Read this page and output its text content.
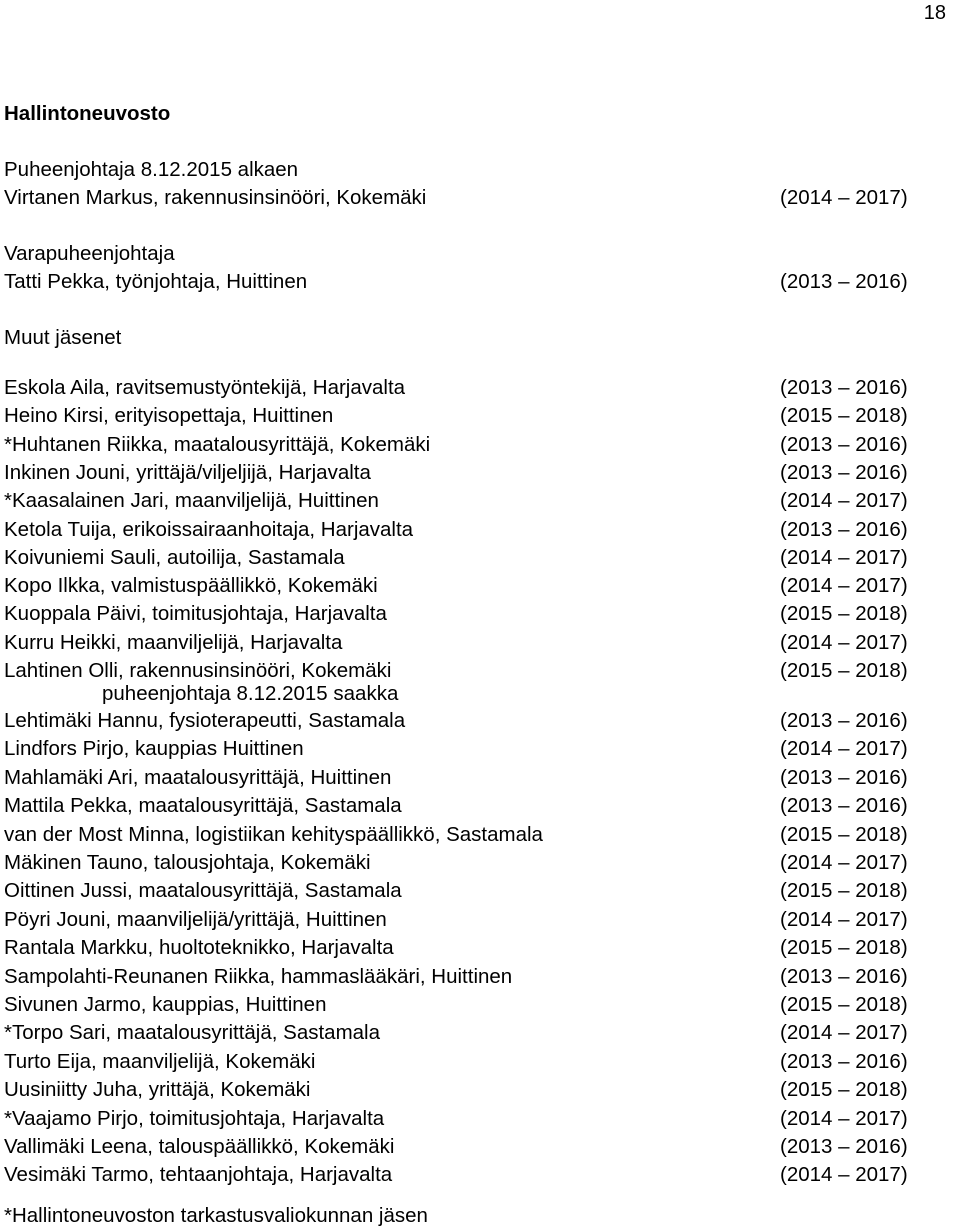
18
Hallintoneuvosto
Puheenjohtaja 8.12.2015 alkaen
Virtanen Markus, rakennusinsinööri, Kokemäki	(2014 – 2017)
Varapuheenjohtaja
Tatti Pekka, työnjohtaja, Huittinen	(2013 – 2016)
Muut jäsenet
Eskola Aila, ravitsemustyöntekijä, Harjavalta	(2013 – 2016)
Heino Kirsi, erityisopettaja, Huittinen	(2015 – 2018)
*Huhtanen Riikka, maatalousyrittäjä, Kokemäki	(2013 – 2016)
Inkinen Jouni, yrittäjä/viljeljijä, Harjavalta	(2013 – 2016)
*Kaasalainen Jari, maanviljelijä, Huittinen	(2014 – 2017)
Ketola Tuija, erikoissairaanhoitaja, Harjavalta	(2013 – 2016)
Koivuniemi Sauli, autoilija, Sastamala	(2014 – 2017)
Kopo Ilkka, valmistuspäällikkö, Kokemäki	(2014 – 2017)
Kuoppala Päivi, toimitusjohtaja, Harjavalta	(2015 – 2018)
Kurru Heikki, maanviljelijä, Harjavalta	(2014 – 2017)
Lahtinen Olli, rakennusinsinööri, Kokemäki	(2015 – 2018)
puheenjohtaja 8.12.2015 saakka
Lehtimäki Hannu, fysioterapeutti, Sastamala	(2013 – 2016)
Lindfors Pirjo, kauppias Huittinen	(2014 – 2017)
Mahlamäki Ari, maatalousyrittäjä, Huittinen	(2013 – 2016)
Mattila Pekka, maatalousyrittäjä, Sastamala	(2013 – 2016)
van der Most Minna, logistiikan kehityspäällikkö, Sastamala	(2015 – 2018)
Mäkinen Tauno, talousjohtaja, Kokemäki	(2014 – 2017)
Oittinen Jussi, maatalousyrittäjä, Sastamala	(2015 – 2018)
Pöyri Jouni, maanviljelijä/yrittäjä, Huittinen	(2014 – 2017)
Rantala Markku, huoltoteknikko, Harjavalta	(2015 – 2018)
Sampolahti-Reunanen Riikka, hammaslääkäri, Huittinen	(2013 – 2016)
Sivunen Jarmo, kauppias, Huittinen	(2015 – 2018)
*Torpo Sari, maatalousyrittäjä, Sastamala	(2014 – 2017)
Turto Eija, maanviljelijä, Kokemäki	(2013 – 2016)
Uusiniitty Juha, yrittäjä, Kokemäki	(2015 – 2018)
*Vaajamo Pirjo, toimitusjohtaja, Harjavalta	(2014 – 2017)
Vallimäki Leena, talouspäällikkö, Kokemäki	(2013 – 2016)
Vesimäki Tarmo, tehtaanjohtaja, Harjavalta	(2014 – 2017)
*Hallintoneuvoston tarkastusvaliokunnan jäsen
